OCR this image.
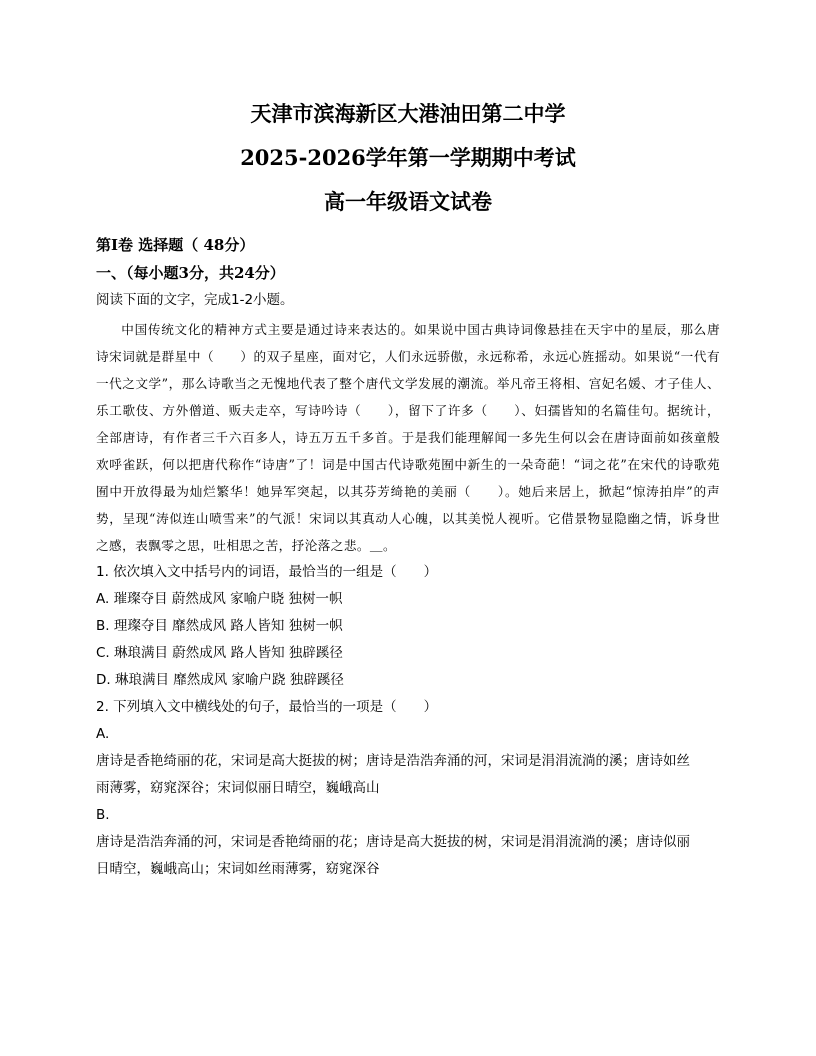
天津市滨海新区大港油田第二中学
2025-2026学年第一学期期中考试
高一年级语文试卷

第Ⅰ卷 选择题（ 48分）

一、（每小题3分，共24分）

阅读下面的文字，完成1-2小题。

中国传统文化的精神方式主要是通过诗来表达的。如果说中国古典诗词像悬挂在天宇中的星辰，那么唐诗宋词就是群星中（　　）的双子星座，面对它，人们永远骄傲，永远称希，永远心旌摇动。如果说“一代有一代之文学”，那么诗歌当之无愧地代表了整个唐代文学发展的潮流。举凡帝王将相、宫妃名媛、才子佳人、乐工歌伎、方外僧道、贩夫走卒，写诗吟诗（　　），留下了许多（　　）、妇孺皆知的名篇佳句。据统计，全部唐诗，有作者三千六百多人，诗五万五千多首。于是我们能理解闻一多先生何以会在唐诗面前如孩童般欢呼雀跃，何以把唐代称作“诗唐”了！词是中国古代诗歌苑囿中新生的一朵奇葩！“词之花”在宋代的诗歌苑囿中开放得最为灿烂繁华！她异军突起，以其芬芳绮艳的美丽（　　）。她后来居上，掀起“惊涛拍岸”的声势，呈现“涛似连山喷雪来”的气派！宋词以其真动人心魄，以其美悦人视听。它借景物显隐幽之情，诉身世之感，表飘零之思，吐相思之苦，抒沦落之悲。＿。

1. 依次填入文中括号内的词语，最恰当的一组是（　　）

A. 璀璨夺目 蔚然成风 家喻户晓 独树一帜

B. 理璨夺目 靡然成风 路人皆知 独树一帜

C. 琳琅满目 蔚然成风 路人皆知 独辟蹊径

D. 琳琅满目 靡然成风 家喻户跷 独辟蹊径

2. 下列填入文中横线处的句子，最恰当的一项是（　　）

A.

唐诗是香艳绮丽的花，宋词是高大挺拔的树；唐诗是浩浩奔涌的河，宋词是涓涓流淌的溪；唐诗如丝

雨薄雾，窈窕深谷；宋词似丽日晴空，巍峨高山

B.

唐诗是浩浩奔涌的河，宋词是香艳绮丽的花；唐诗是高大挺拔的树，宋词是涓涓流淌的溪；唐诗似丽

日晴空，巍峨高山；宋词如丝雨薄雾，窈窕深谷
